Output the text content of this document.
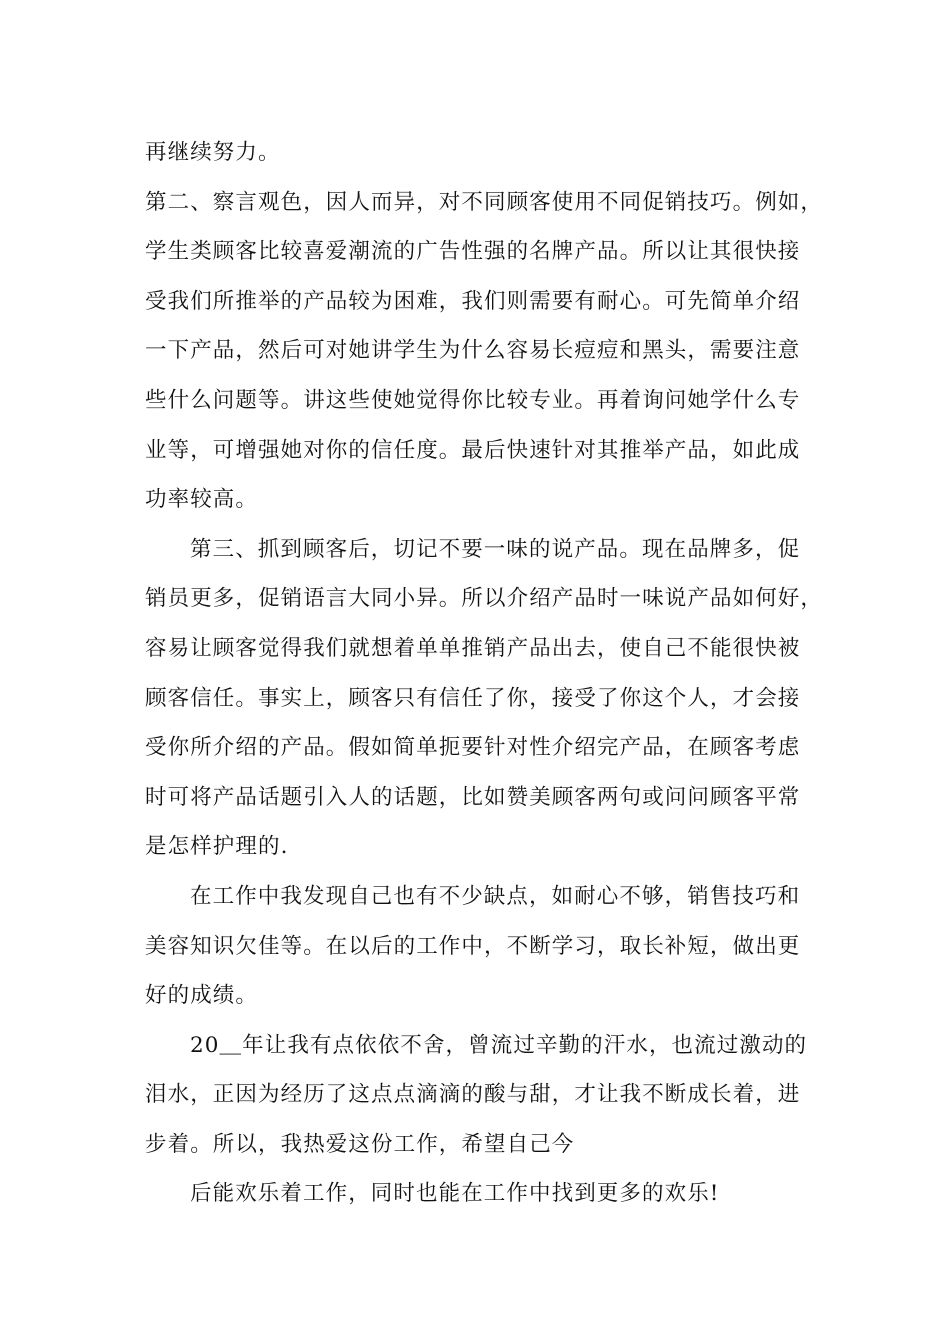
再继续努力。
第二、察言观色，因人而异，对不同顾客使用不同促销技巧。例如，
学生类顾客比较喜爱潮流的广告性强的名牌产品。所以让其很快接
受我们所推举的产品较为困难，我们则需要有耐心。可先简单介绍
一下产品，然后可对她讲学生为什么容易长痘痘和黑头，需要注意
些什么问题等。讲这些使她觉得你比较专业。再着询问她学什么专
业等，可增强她对你的信任度。最后快速针对其推举产品，如此成
功率较高。
第三、抓到顾客后，切记不要一味的说产品。现在品牌多，促
销员更多，促销语言大同小异。所以介绍产品时一味说产品如何好，
容易让顾客觉得我们就想着单单推销产品出去，使自己不能很快被
顾客信任。事实上，顾客只有信任了你，接受了你这个人，才会接
受你所介绍的产品。假如简单扼要针对性介绍完产品，在顾客考虑
时可将产品话题引入人的话题，比如赞美顾客两句或问问顾客平常
是怎样护理的.
在工作中我发现自己也有不少缺点，如耐心不够，销售技巧和
美容知识欠佳等。在以后的工作中，不断学习，取长补短，做出更
好的成绩。
20＿年让我有点依依不舍，曾流过辛勤的汗水，也流过激动的
泪水，正因为经历了这点点滴滴的酸与甜，才让我不断成长着，进
步着。所以，我热爱这份工作，希望自己今
后能欢乐着工作，同时也能在工作中找到更多的欢乐!
